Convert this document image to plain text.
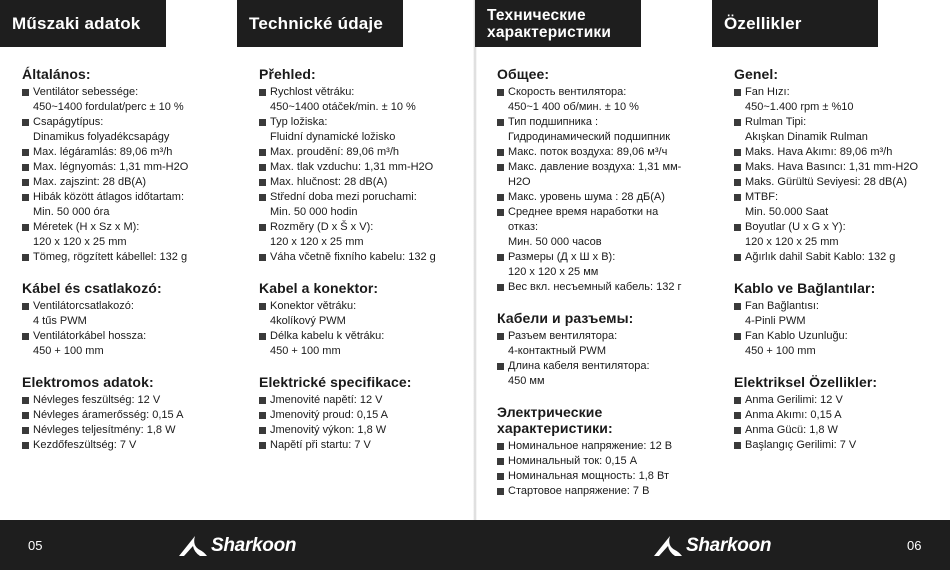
Műszaki adatok
Általános:
Ventilátor sebessége:
450~1400 fordulat/perc ± 10 %
Csapágytípus:
Dinamikus folyadékcsapágy
Max. légáramlás: 89,06 m³/h
Max. légnyomás: 1,31 mm-H2O
Max. zajszint: 28 dB(A)
Hibák között átlagos időtartam:
Min. 50 000 óra
Méretek (H x Sz x M):
120 x 120 x 25 mm
Tömeg, rögzített kábellel: 132 g
Kábel és csatlakozó:
Ventilátorcsatlakozó:
4 tűs PWM
Ventilátorkábel hossza:
450 + 100 mm
Elektromos adatok:
Névleges feszültség: 12 V
Névleges áramerősség: 0,15 A
Névleges teljesítmény: 1,8 W
Kezdőfeszültség: 7 V
Technické údaje
Přehled:
Rychlost větráku:
450~1400 otáček/min. ± 10 %
Typ ložiska:
Fluidní dynamické ložisko
Max. proudění: 89,06 m³/h
Max. tlak vzduchu: 1,31 mm-H2O
Max. hlučnost: 28 dB(A)
Střední doba mezi poruchami:
Min. 50 000 hodin
Rozměry (D x Š x V):
120 x 120 x 25 mm
Váha včetně fixního kabelu: 132 g
Kabel a konektor:
Konektor větráku:
4kolíkový PWM
Délka kabelu k větráku:
450 + 100 mm
Elektrické specifikace:
Jmenovité napětí: 12 V
Jmenovitý proud: 0,15 A
Jmenovitý výkon: 1,8 W
Napětí při startu: 7 V
Технические
характеристики
Общее:
Скорость вентилятора:
450~1 400 об/мин. ± 10 %
Тип подшипника :
Гидродинамический подшипник
Макс. поток воздуха: 89,06 м³/ч
Макс. давление воздуха: 1,31 мм-H2O
Макс. уровень шума : 28 дБ(А)
Среднее время наработки на отказ:
Мин. 50 000 часов
Размеры (Д х Ш х В):
120 x 120 x 25 мм
Вес вкл. несъемный кабель: 132 г
Кабели и разъемы:
Разъем вентилятора:
4-контактный PWM
Длина кабеля вентилятора:
450 мм
Электрические характеристики:
Номинальное напряжение: 12 В
Номинальный ток: 0,15 А
Номинальная мощность: 1,8 Вт
Стартовое напряжение: 7 В
Özellikler
Genel:
Fan Hızı:
450~1.400 rpm ± %10
Rulman Tipi:
Akışkan Dinamik Rulman
Maks. Hava Akımı: 89,06 m³/h
Maks. Hava Basıncı: 1,31 mm-H2O
Maks. Gürültü Seviyesi: 28 dB(A)
MTBF:
Min. 50.000 Saat
Boyutlar (U x G x Y):
120 x 120 x 25 mm
Ağırlık dahil Sabit Kablo: 132 g
Kablo ve Bağlantılar:
Fan Bağlantısı:
4-Pinli PWM
Fan Kablo Uzunluğu:
450 + 100 mm
Elektriksel Özellikler:
Anma Gerilimi: 12 V
Anma Akımı: 0,15 A
Anma Gücü: 1,8 W
Başlangıç Gerilimi: 7 V
05	06
Sharkoon	Sharkoon
